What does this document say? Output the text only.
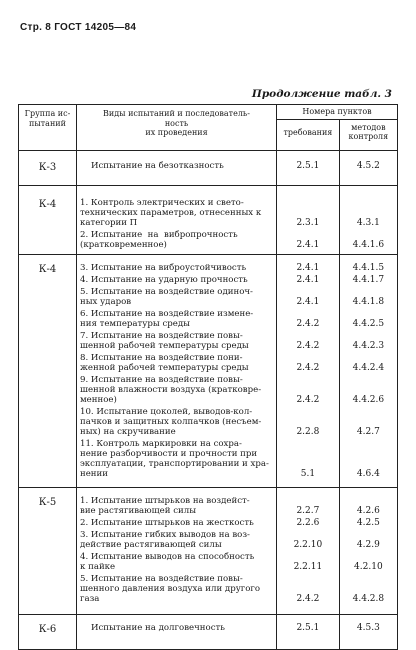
Стр. 8 ГОСТ 14205—84
Продолжение табл. 3
Группа ис-
пытаний	Виды испытаний и последователь-
ность
их проведения	Номера пунктов	
		требования	методов
контроля

К-3	Испытание на безотказность	2.5.1	4.5.2
К-4	1. Контроль электрических и свето-
технических параметров, отнесенных к
категории П	2.3.1	4.3.1

	2. Испытание  на  вибропрочность
(кратковременное)	2.4.1	4.4.1.6
К-4	3. Испытание на виброустойчивость	2.4.1	4.4.1.5

	4. Испытание на ударную прочность	2.4.1	4.4.1.7

	5. Испытание на воздействие одиноч-
ных ударов	2.4.1	4.4.1.8

	6. Испытание на воздействие измене-
ния температуры среды	2.4.2	4.4.2.5

	7. Испытание на воздействие повы-
шенной рабочей температуры среды	2.4.2	4.4.2.3

	8. Испытание на воздействие пони-
женной рабочей температуры среды	2.4.2	4.4.2.4

	9. Испытание на воздействие повы-
шенной влажности воздуха (кратковре-
менное)	2.4.2	4.4.2.6

	10. Испытание цоколей, выводов-кол-
пачков и защитных колпачков (несъем-
ных) на скручивание	2.2.8	4.2.7

	11. Контроль маркировки на сохра-
нение разборчивости и прочности при
эксплуатации, транспортировании и хра-
нении	5.1	4.6.4
К-5	1. Испытание штырьков на воздейст-
вие растягивающей силы	2.2.7	4.2.6

	2. Испытание штырьков на жесткость	2.2.6	4.2.5

	3. Испытание гибких выводов на воз-
действие растягивающей силы	2.2.10	4.2.9

	4. Испытание выводов на способность
к пайке	2.2.11	4.2.10

	5. Испытание на воздействие повы-
шенного давления воздуха или другого
газа	2.4.2	4.4.2.8
К-6	Испытание на долговечность	2.5.1	4.5.3
